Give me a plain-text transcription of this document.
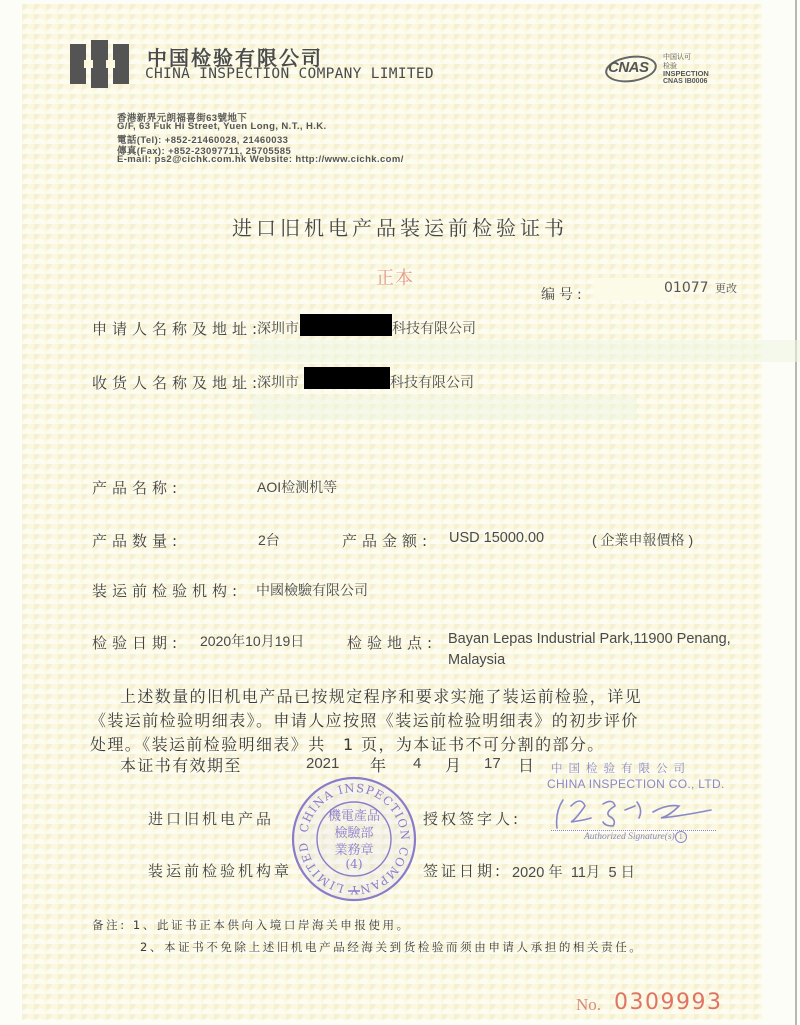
中国检验有限公司
CHINA INSPECTION COMPANY LIMITED	CNAS
中国认可
检验
INSPECTION
CNAS IB0006
香港新界元朗福喜街63號地下
G/F, 63 Fuk Hi Street, Yuen Long, N.T., H.K.
電話(Tel): +852-21460028, 21460033
傳真(Fax): +852-23097711, 25705585
E-mail: ps2@cichk.com.hk Website: http://www.cichk.com/
进口旧机电产品装运前检验证书
正本
编号:	01077 更改
申请人名称及地址:
深圳市	科技有限公司
收货人名称及地址:
深圳市	科技有限公司
产品名称:	AOI检测机等
产品数量:	2台	产品金额: USD 15000.00	( 企業申報價格 )
装运前检验机构: 中國檢驗有限公司
检验日期: 2020年10月19日	检验地点: Bayan Lepas Industrial Park,11900 Penang,
Malaysia
上述数量的旧机电产品已按规定程序和要求实施了装运前检验，详见
《装运前检验明细表》。申请人应按照《装运前检验明细表》的初步评价
处理。《装运前检验明细表》共　1 页，为本证书不可分割的部分。
本证书有效期至	2021 年 4 月 17 日 中国检验有限公司
CHINA INSPECTION CO., LTD.
Authorized Signature(s) 1
进口旧机电产品
装运前检验机构章
授权签字人:
签证日期: 2020 年  11月  5 日
CHINA INSPECTION COMPANY LIMITED
機電產品
檢驗部
業務章
(4)
备注: 1、此证书正本供向入境口岸海关申报使用。
2、本证书不免除上述旧机电产品经海关到货检验而须由申请人承担的相关责任。
No. 0309993
